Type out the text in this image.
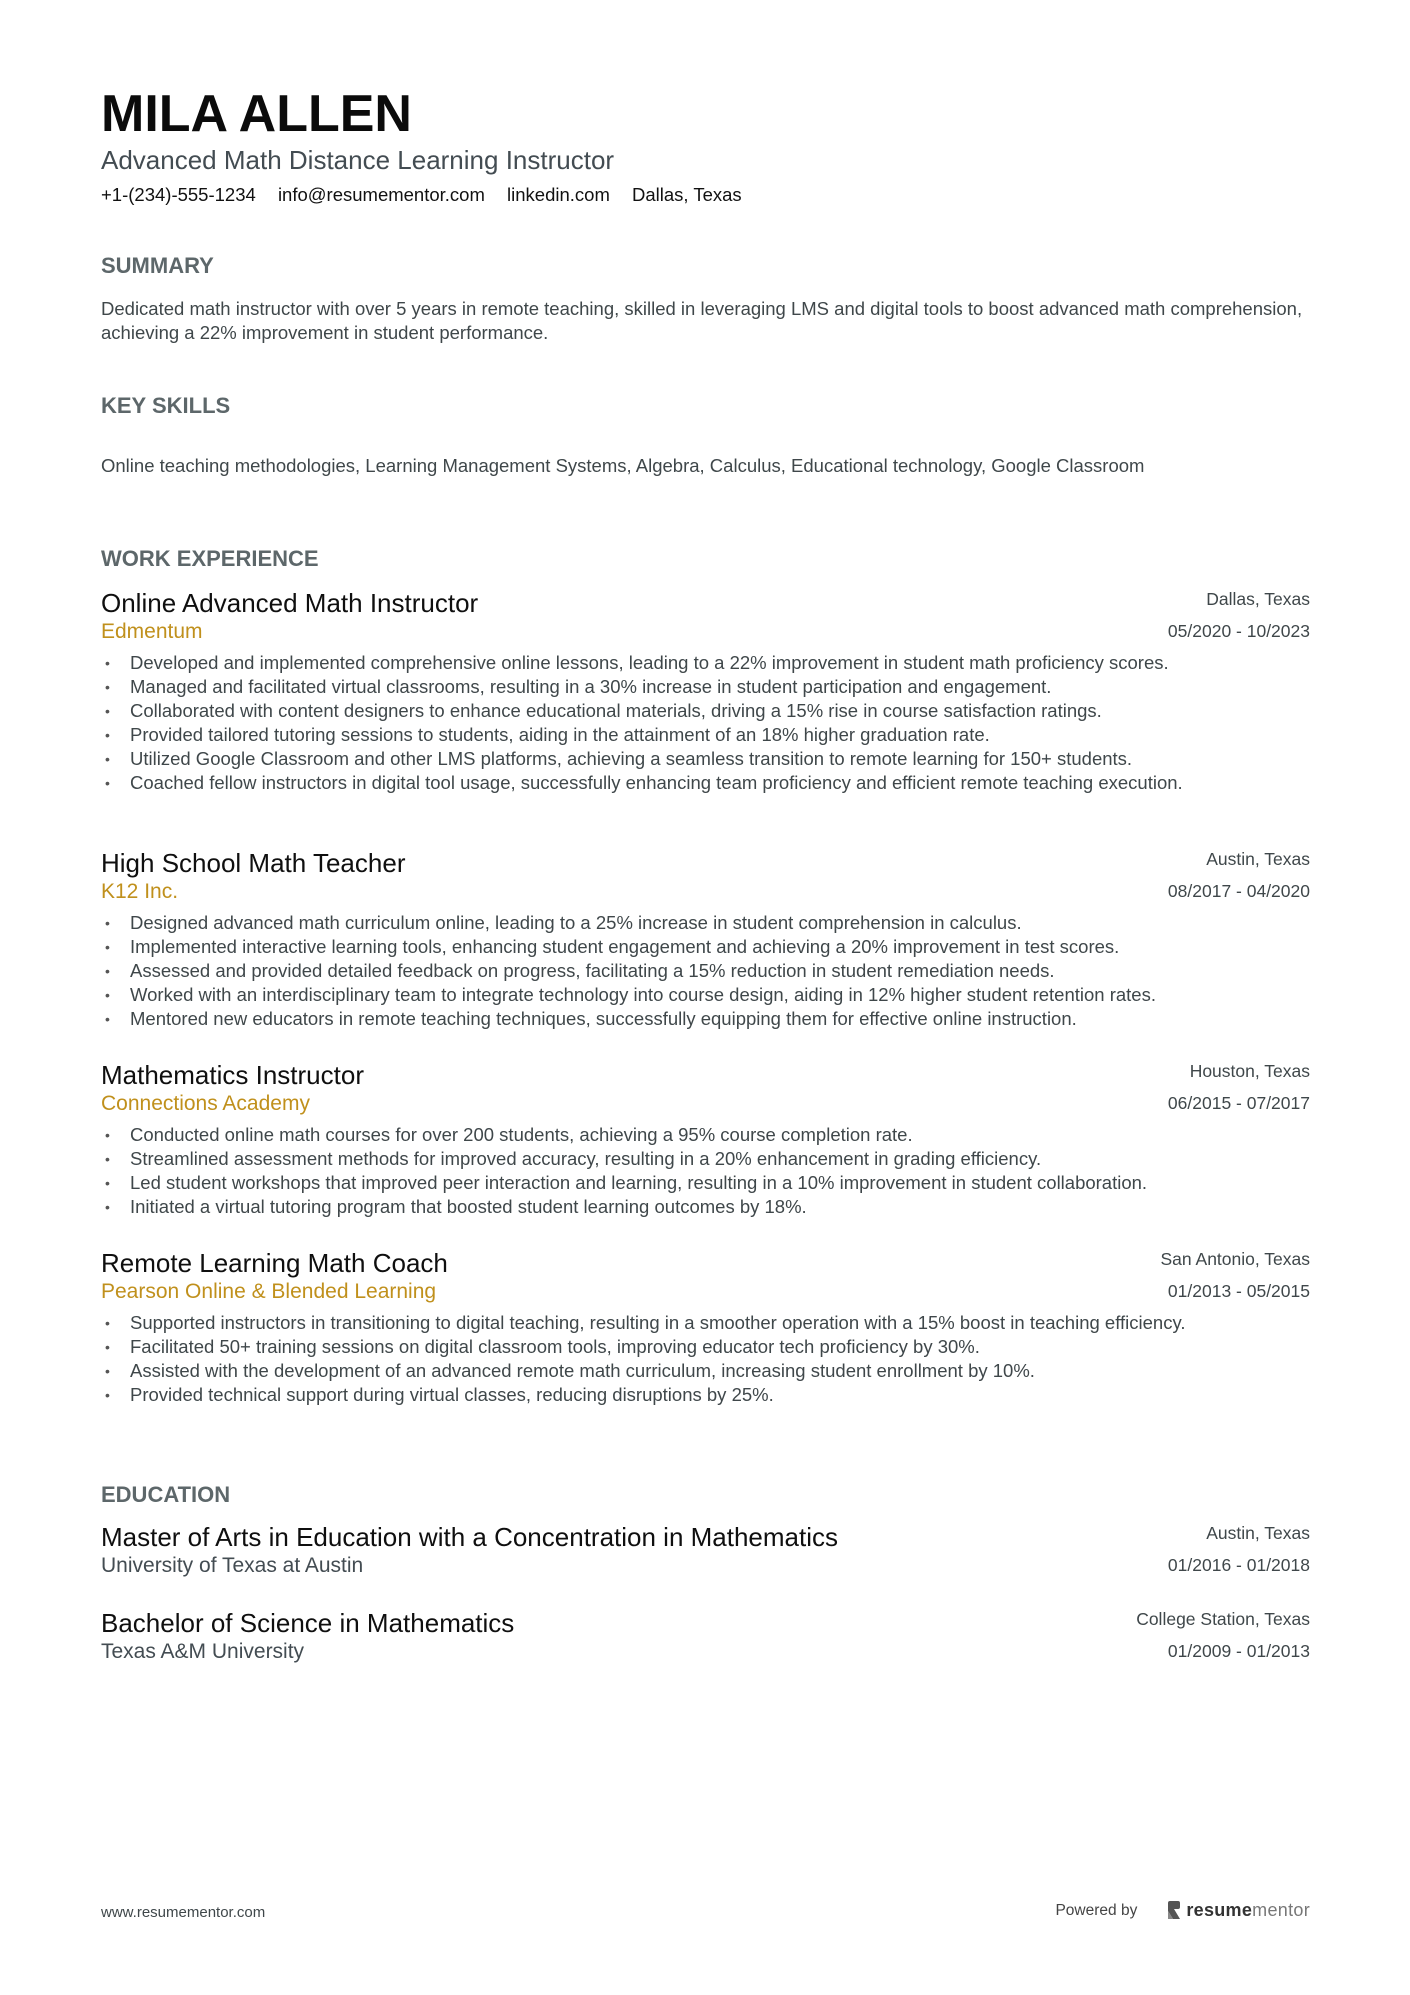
MILA ALLEN
Advanced Math Distance Learning Instructor
+1-(234)-555-1234 info@resumementor.com linkedin.com Dallas, Texas
SUMMARY

Dedicated math instructor with over 5 years in remote teaching, skilled in leveraging LMS and digital tools to boost advanced math comprehension, achieving a 22% improvement in student performance.

KEY SKILLS

Online teaching methodologies, Learning Management Systems, Algebra, Calculus, Educational technology, Google Classroom

WORK EXPERIENCE
Online Advanced Math Instructor	Dallas, Texas
Edmentum	05/2020 - 10/2023
• Developed and implemented comprehensive online lessons, leading to a 22% improvement in student math proficiency scores.
• Managed and facilitated virtual classrooms, resulting in a 30% increase in student participation and engagement.
• Collaborated with content designers to enhance educational materials, driving a 15% rise in course satisfaction ratings.
• Provided tailored tutoring sessions to students, aiding in the attainment of an 18% higher graduation rate.
• Utilized Google Classroom and other LMS platforms, achieving a seamless transition to remote learning for 150+ students.
• Coached fellow instructors in digital tool usage, successfully enhancing team proficiency and efficient remote teaching execution.
High School Math Teacher	Austin, Texas
K12 Inc.	08/2017 - 04/2020
• Designed advanced math curriculum online, leading to a 25% increase in student comprehension in calculus.
• Implemented interactive learning tools, enhancing student engagement and achieving a 20% improvement in test scores.
• Assessed and provided detailed feedback on progress, facilitating a 15% reduction in student remediation needs.
• Worked with an interdisciplinary team to integrate technology into course design, aiding in 12% higher student retention rates.
• Mentored new educators in remote teaching techniques, successfully equipping them for effective online instruction.
Mathematics Instructor	Houston, Texas
Connections Academy	06/2015 - 07/2017
• Conducted online math courses for over 200 students, achieving a 95% course completion rate.
• Streamlined assessment methods for improved accuracy, resulting in a 20% enhancement in grading efficiency.
• Led student workshops that improved peer interaction and learning, resulting in a 10% improvement in student collaboration.
• Initiated a virtual tutoring program that boosted student learning outcomes by 18%.
Remote Learning Math Coach	San Antonio, Texas
Pearson Online & Blended Learning	01/2013 - 05/2015
• Supported instructors in transitioning to digital teaching, resulting in a smoother operation with a 15% boost in teaching efficiency.
• Facilitated 50+ training sessions on digital classroom tools, improving educator tech proficiency by 30%.
• Assisted with the development of an advanced remote math curriculum, increasing student enrollment by 10%.
• Provided technical support during virtual classes, reducing disruptions by 25%.
EDUCATION
Master of Arts in Education with a Concentration in Mathematics	Austin, Texas
University of Texas at Austin	01/2016 - 01/2018
Bachelor of Science in Mathematics	College Station, Texas
Texas A&M University	01/2009 - 01/2013
www.resumementor.com	Powered by	resumementor
